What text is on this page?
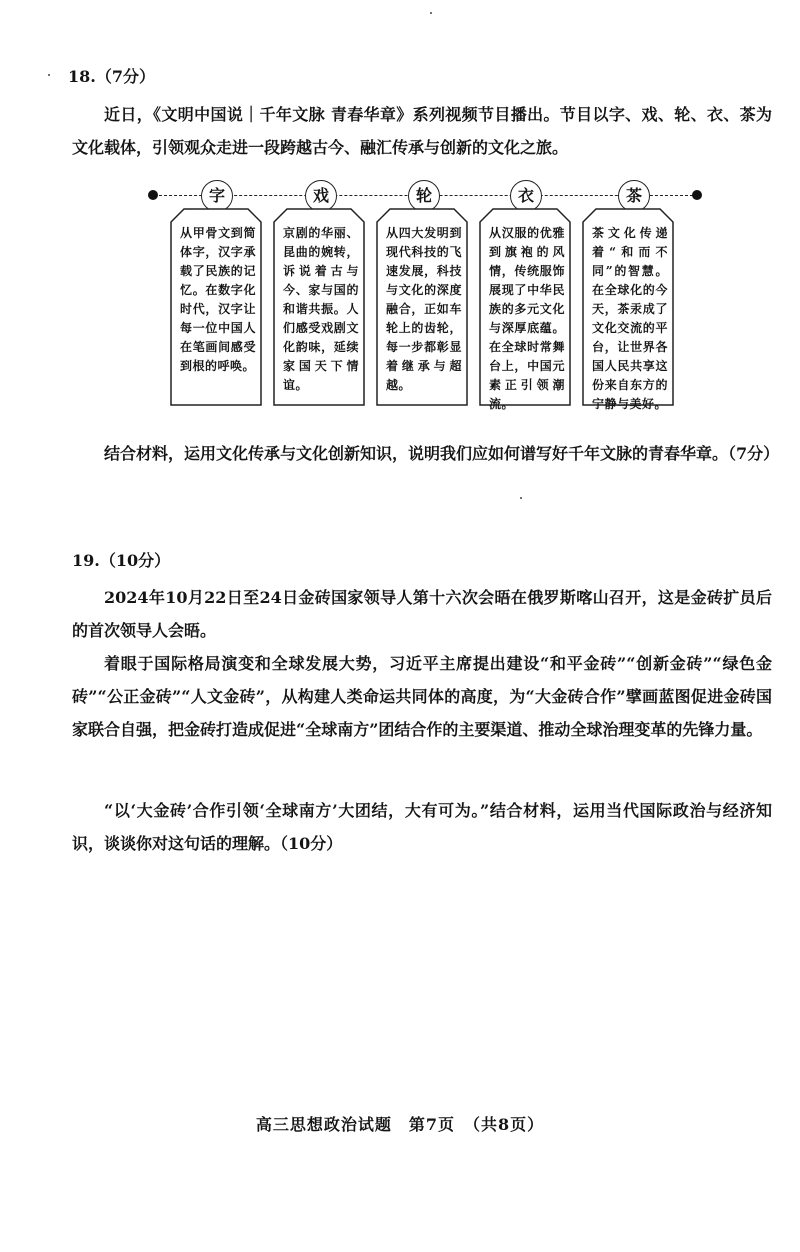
18.（7分）
近日，《文明中国说｜千年文脉 青春华章》系列视频节目播出。节目以字、戏、轮、衣、茶为文化载体，引领观众走进一段跨越古今、融汇传承与创新的文化之旅。
字	戏	轮	衣	茶
从甲骨文到简体字，汉字承载了民族的记忆。在数字化时代，汉字让每一位中国人在笔画间感受到根的呼唤。
京剧的华丽、昆曲的婉转，诉说着古与今、家与国的和谐共振。人们感受戏剧文化韵味，延续家国天下情谊。
从四大发明到现代科技的飞速发展，科技与文化的深度融合，正如车轮上的齿轮，每一步都彰显着继承与超越。
从汉服的优雅到旗袍的风情，传统服饰展现了中华民族的多元文化与深厚底蕴。在全球时常舞台上，中国元素正引领潮流。
茶文化传递着“和而不同”的智慧。在全球化的今天，茶汞成了文化交流的平台，让世界各国人民共享这份来自东方的宁静与美好。
结合材料，运用文化传承与文化创新知识，说明我们应如何谱写好千年文脉的青春华章。（7分）
19.（10分）
2024年10月22日至24日金砖国家领导人第十六次会晤在俄罗斯喀山召开，这是金砖扩员后的首次领导人会晤。
着眼于国际格局演变和全球发展大势，习近平主席提出建设“和平金砖”“创新金砖”“绿色金砖”“公正金砖”“人文金砖”，从构建人类命运共同体的高度，为“大金砖合作”擘画蓝图促进金砖国家联合自强，把金砖打造成促进“全球南方”团结合作的主要渠道、推动全球治理变革的先锋力量。
“以‘大金砖’合作引领‘全球南方’大团结，大有可为。”结合材料，运用当代国际政治与经济知识，谈谈你对这句话的理解。（10分）
高三思想政治试题　第7页　（共8页）
